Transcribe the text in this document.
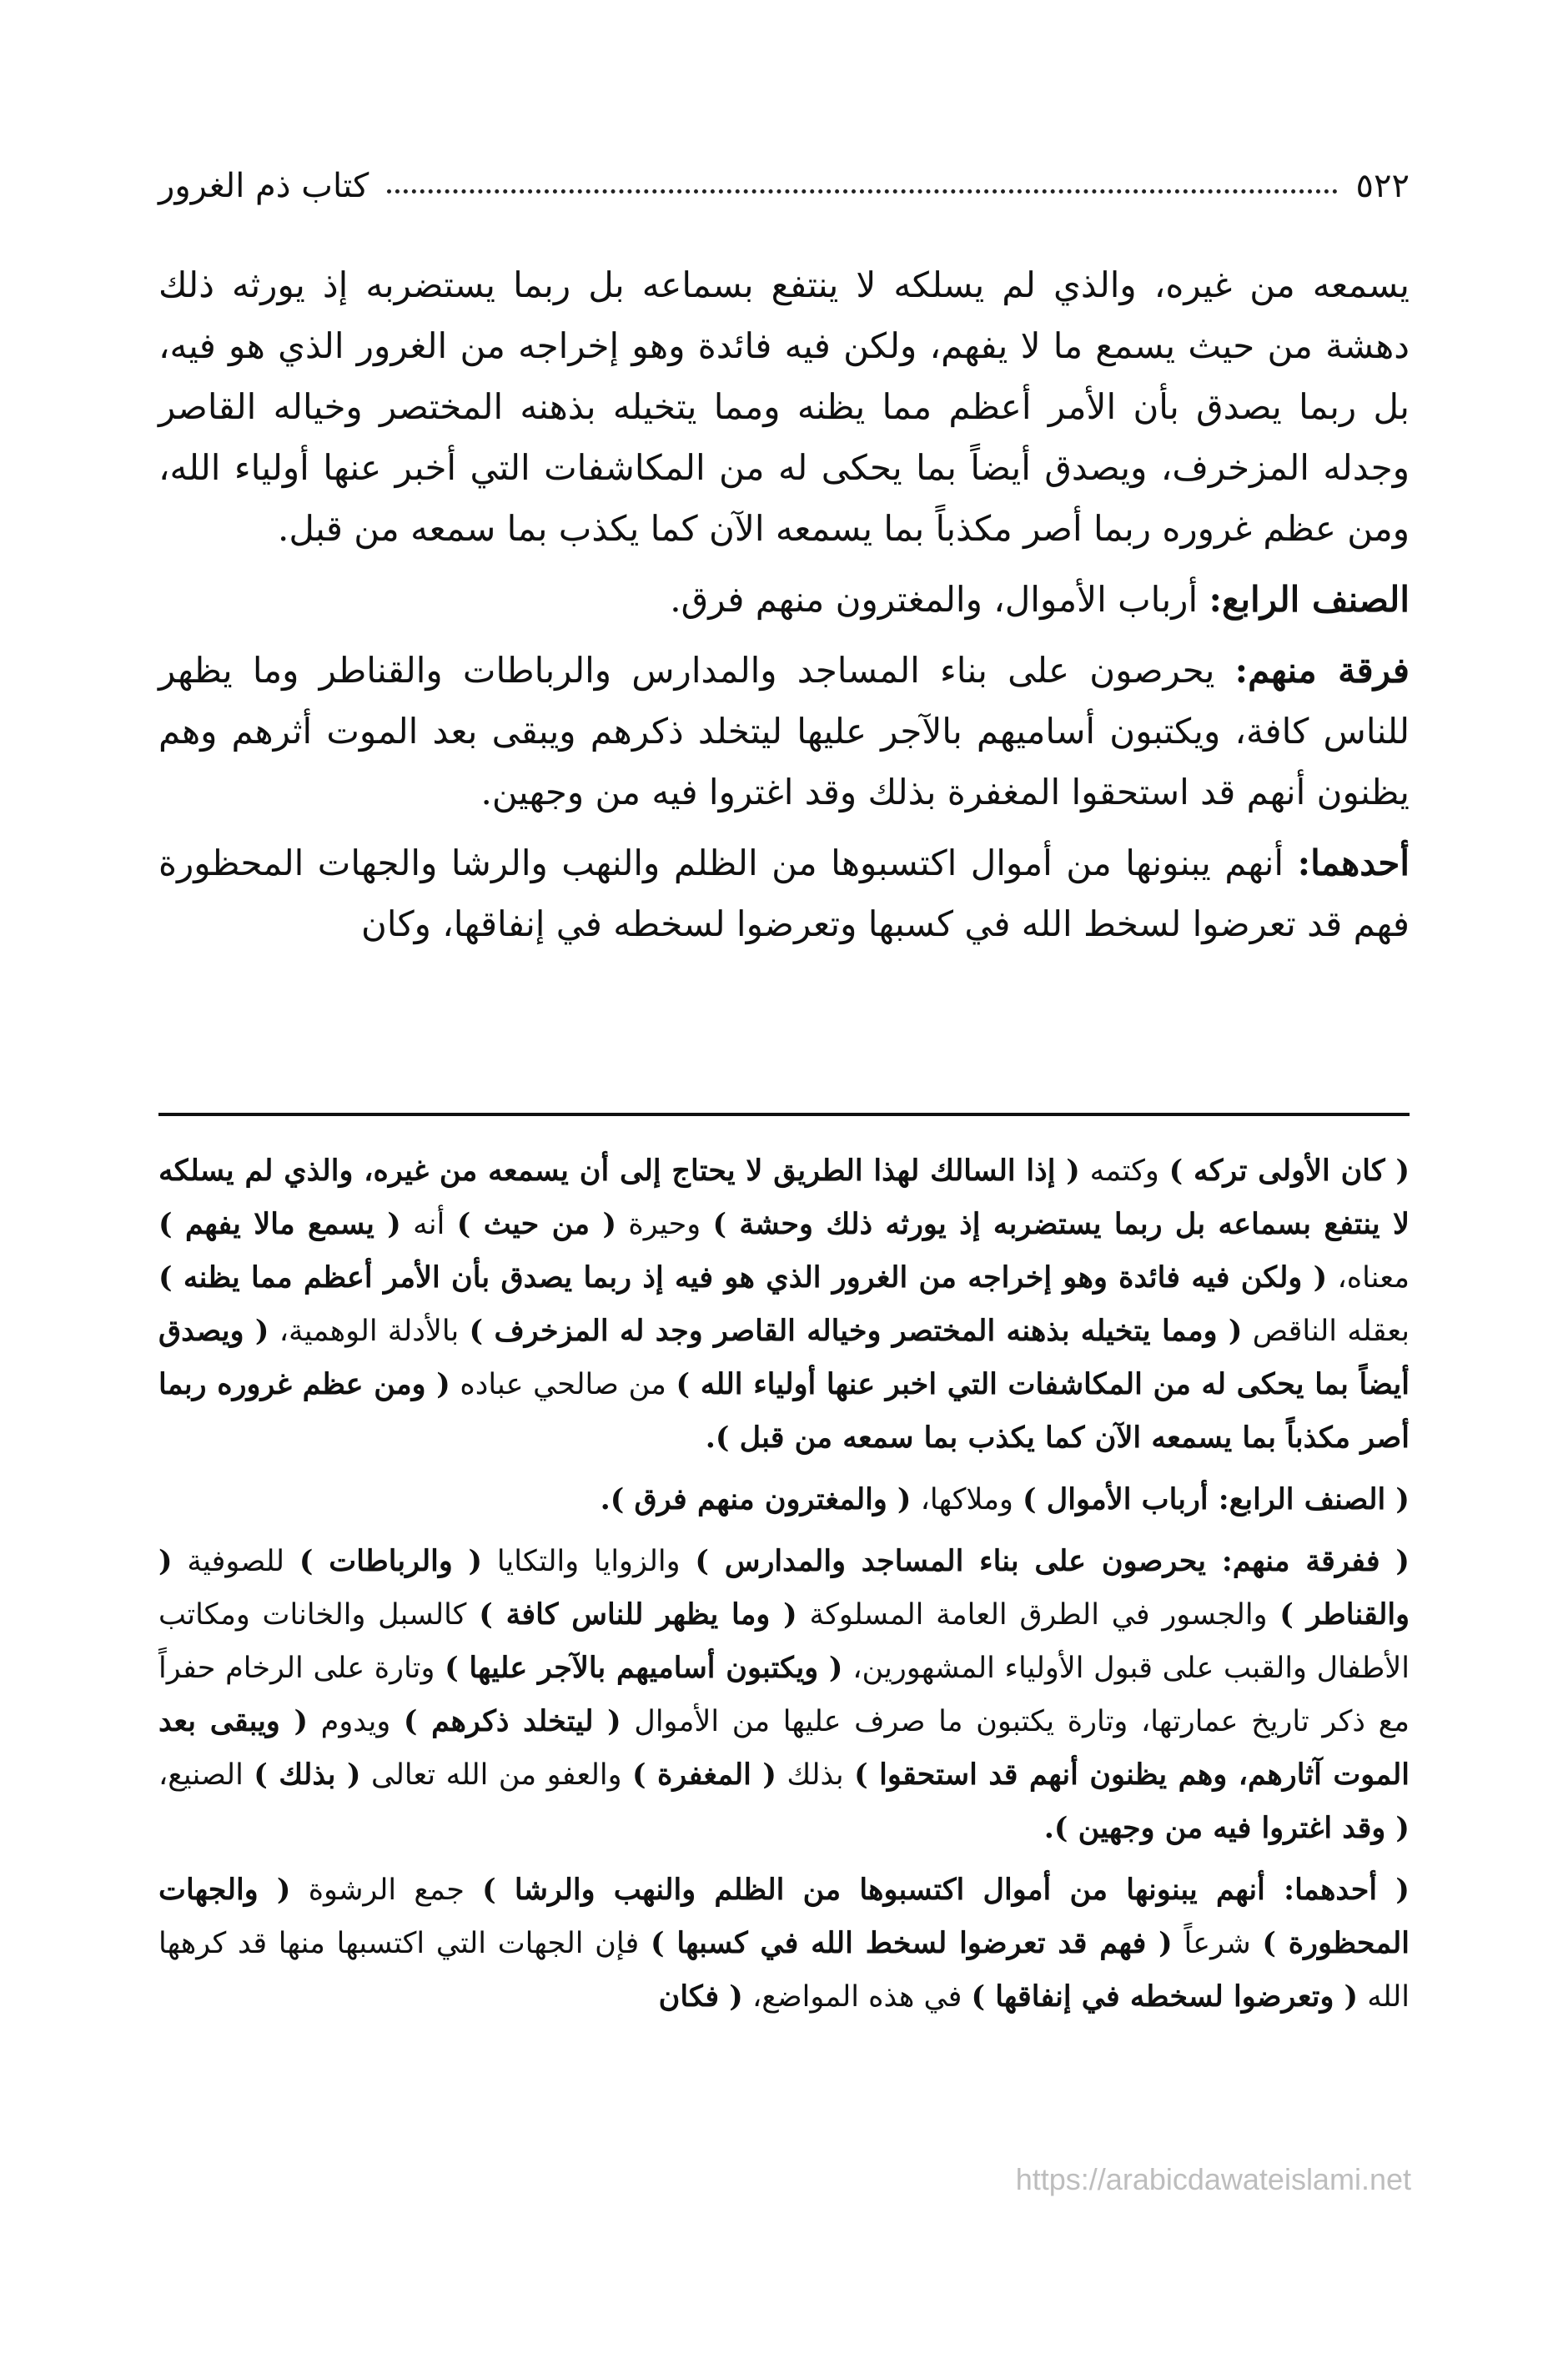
٥٢٢
كتاب ذم الغرور

يسمعه من غيره، والذي لم يسلكه لا ينتفع بسماعه بل ربما يستضربه إذ يورثه ذلك دهشة من حيث يسمع ما لا يفهم، ولكن فيه فائدة وهو إخراجه من الغرور الذي هو فيه، بل ربما يصدق بأن الأمر أعظم مما يظنه ومما يتخيله بذهنه المختصر وخياله القاصر وجدله المزخرف، ويصدق أيضاً بما يحكى له من المكاشفات التي أخبر عنها أولياء الله، ومن عظم غروره ربما أصر مكذباً بما يسمعه الآن كما يكذب بما سمعه من قبل.

الصنف الرابع: أرباب الأموال، والمغترون منهم فرق.

فرقة منهم: يحرصون على بناء المساجد والمدارس والرباطات والقناطر وما يظهر للناس كافة، ويكتبون أساميهم بالآجر عليها ليتخلد ذكرهم ويبقى بعد الموت أثرهم وهم يظنون أنهم قد استحقوا المغفرة بذلك وقد اغتروا فيه من وجهين.

أحدهما: أنهم يبنونها من أموال اكتسبوها من الظلم والنهب والرشا والجهات المحظورة فهم قد تعرضوا لسخط الله في كسبها وتعرضوا لسخطه في إنفاقها، وكان

( كان الأولى تركه ) وكتمه ( إذا السالك لهذا الطريق لا يحتاج إلى أن يسمعه من غيره، والذي لم يسلكه لا ينتفع بسماعه بل ربما يستضربه إذ يورثه ذلك وحشة ) وحيرة ( من حيث ) أنه ( يسمع مالا يفهم ) معناه، ( ولكن فيه فائدة وهو إخراجه من الغرور الذي هو فيه إذ ربما يصدق بأن الأمر أعظم مما يظنه ) بعقله الناقص ( ومما يتخيله بذهنه المختصر وخياله القاصر وجد له المزخرف ) بالأدلة الوهمية، ( ويصدق أيضاً بما يحكى له من المكاشفات التي اخبر عنها أولياء الله ) من صالحي عباده ( ومن عظم غروره ربما أصر مكذباً بما يسمعه الآن كما يكذب بما سمعه من قبل ).

( الصنف الرابع: أرباب الأموال ) وملاكها، ( والمغترون منهم فرق ).

( ففرقة منهم: يحرصون على بناء المساجد والمدارس ) والزوايا والتكايا ( والرباطات ) للصوفية ( والقناطر ) والجسور في الطرق العامة المسلوكة ( وما يظهر للناس كافة ) كالسبل والخانات ومكاتب الأطفال والقبب على قبول الأولياء المشهورين، ( ويكتبون أساميهم بالآجر عليها ) وتارة على الرخام حفراً مع ذكر تاريخ عمارتها، وتارة يكتبون ما صرف عليها من الأموال ( ليتخلد ذكرهم ) ويدوم ( ويبقى بعد الموت آثارهم، وهم يظنون أنهم قد استحقوا ) بذلك ( المغفرة ) والعفو من الله تعالى ( بذلك ) الصنيع، ( وقد اغتروا فيه من وجهين ).

( أحدهما: أنهم يبنونها من أموال اكتسبوها من الظلم والنهب والرشا ) جمع الرشوة ( والجهات المحظورة ) شرعاً ( فهم قد تعرضوا لسخط الله في كسبها ) فإن الجهات التي اكتسبها منها قد كرهها الله ( وتعرضوا لسخطه في إنفاقها ) في هذه المواضع، ( فكان

https://arabicdawateislami.net
